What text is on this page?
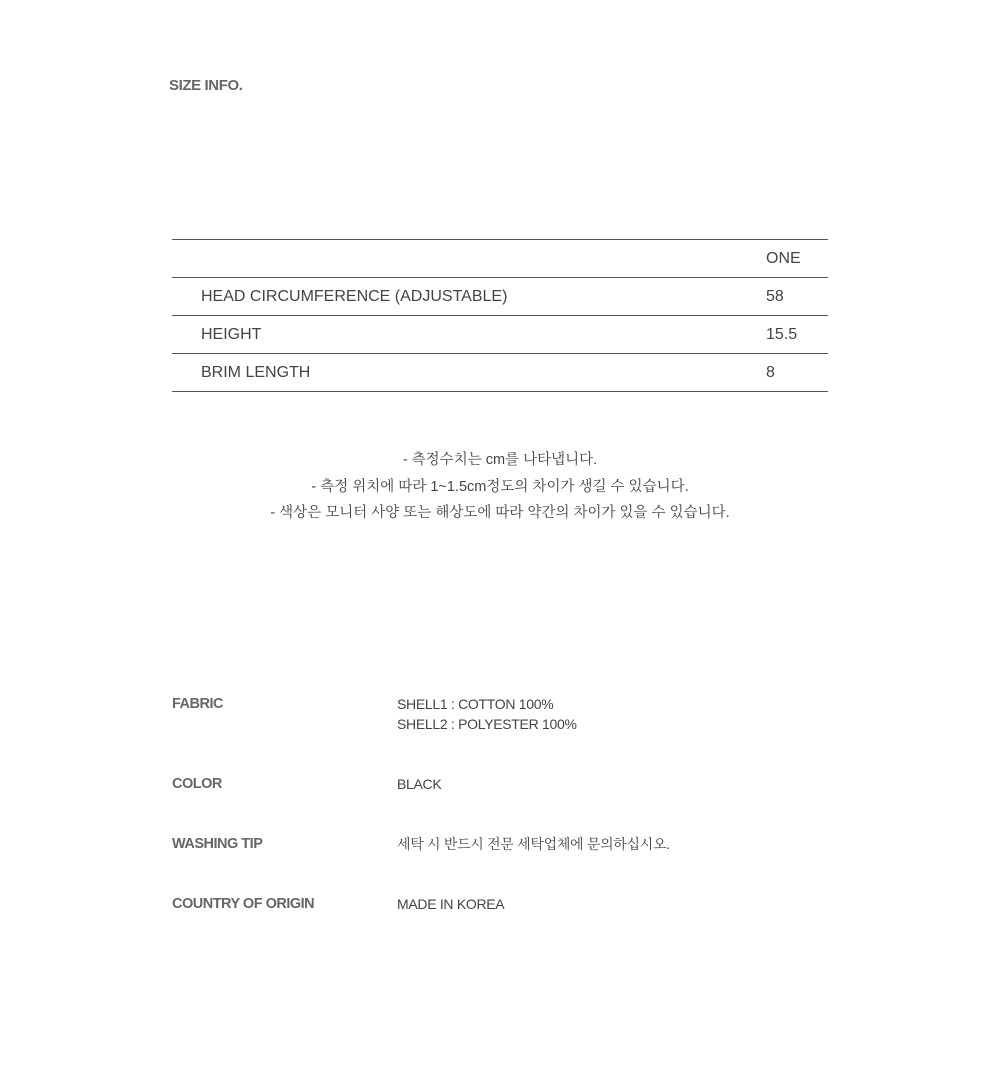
SIZE INFO.
	ONE
HEAD CIRCUMFERENCE (ADJUSTABLE)	58
HEIGHT	15.5
BRIM LENGTH	8
- 측정수치는 cm를 나타냅니다.
- 측정 위치에 따라 1~1.5cm정도의 차이가 생길 수 있습니다.
- 색상은 모니터 사양 또는 해상도에 따라 약간의 차이가 있을 수 있습니다.
FABRIC	SHELL1 : COTTON 100%
SHELL2 : POLYESTER 100%
COLOR	BLACK
WASHING TIP	세탁 시 반드시 전문 세탁업체에 문의하십시오.
COUNTRY OF ORIGIN	MADE IN KOREA
